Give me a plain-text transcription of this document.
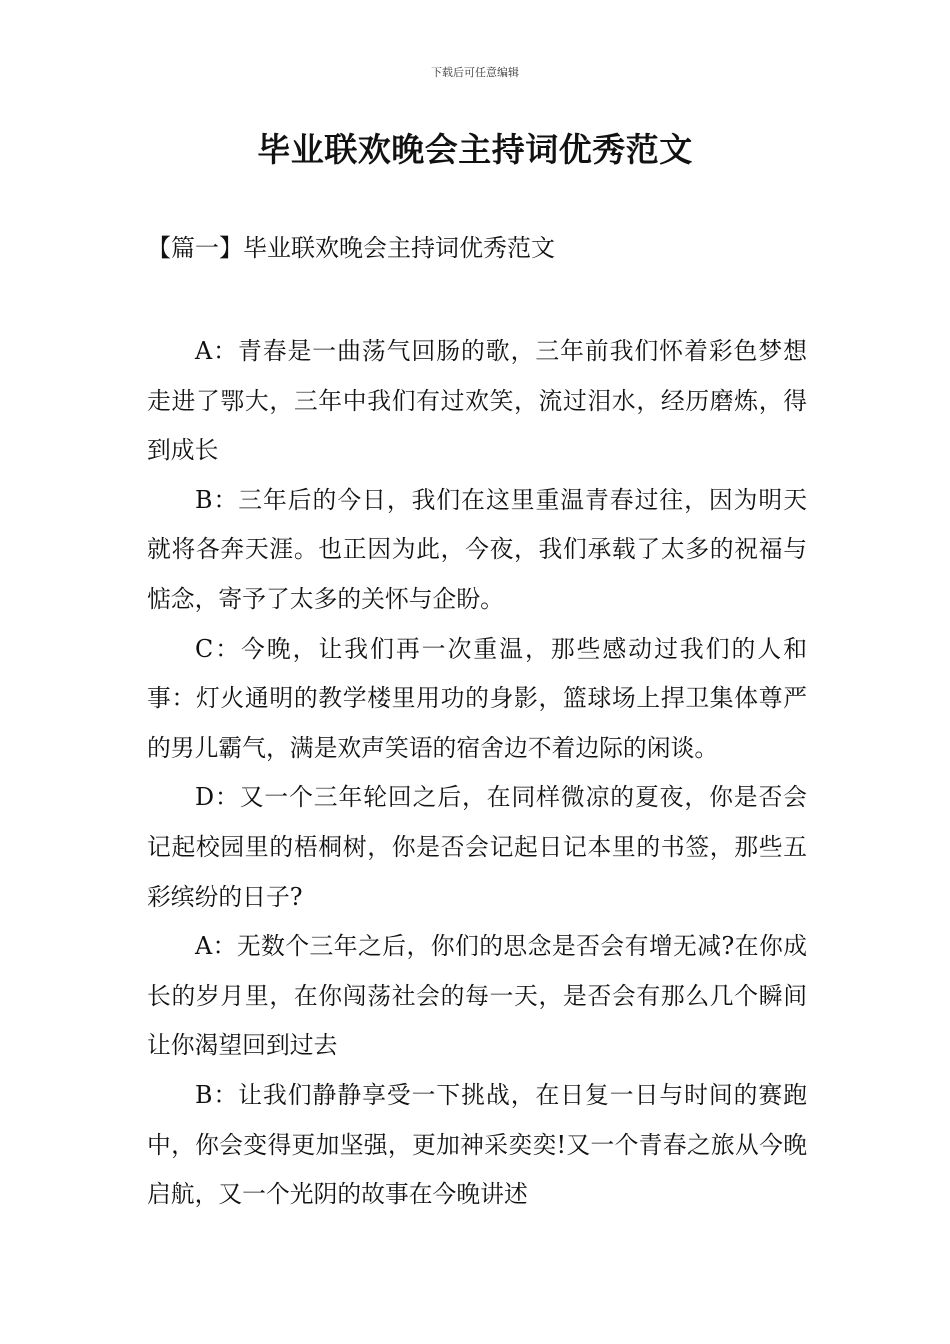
下载后可任意编辑
毕业联欢晚会主持词优秀范文
【篇一】毕业联欢晚会主持词优秀范文

A：青春是一曲荡气回肠的歌，三年前我们怀着彩色梦想走进了鄂大，三年中我们有过欢笑，流过泪水，经历磨炼，得到成长

B：三年后的今日，我们在这里重温青春过往，因为明天就将各奔天涯。也正因为此，今夜，我们承载了太多的祝福与惦念，寄予了太多的关怀与企盼。

C：今晚，让我们再一次重温，那些感动过我们的人和事：灯火通明的教学楼里用功的身影，篮球场上捍卫集体尊严的男儿霸气，满是欢声笑语的宿舍边不着边际的闲谈。

D：又一个三年轮回之后，在同样微凉的夏夜，你是否会记起校园里的梧桐树，你是否会记起日记本里的书签，那些五彩缤纷的日子?

A：无数个三年之后，你们的思念是否会有增无减?在你成长的岁月里，在你闯荡社会的每一天，是否会有那么几个瞬间让你渴望回到过去

B：让我们静静享受一下挑战，在日复一日与时间的赛跑中，你会变得更加坚强，更加神采奕奕!又一个青春之旅从今晚启航，又一个光阴的故事在今晚讲述
